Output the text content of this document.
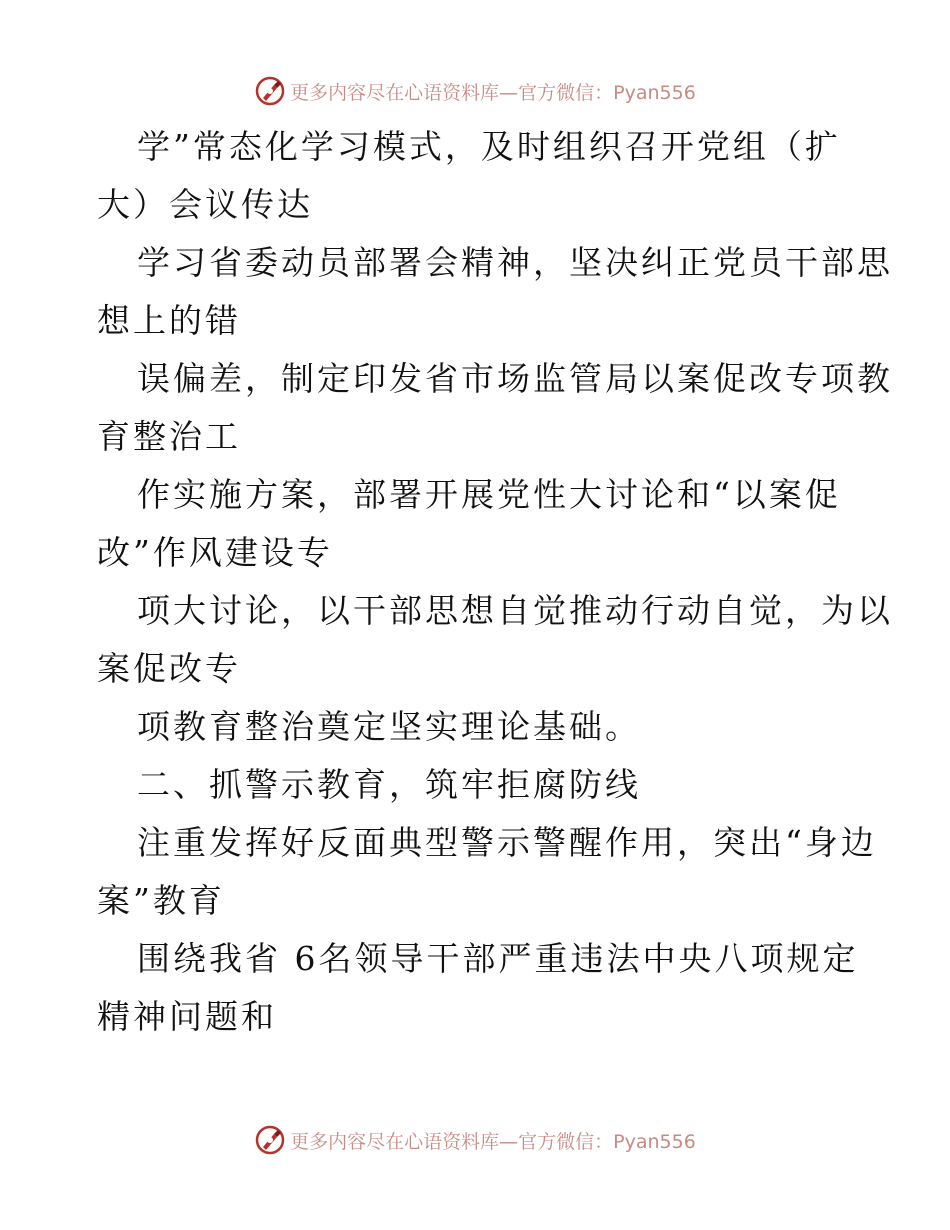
更多内容尽在心语资料库—官方微信：Pyan556
学”常态化学习模式，及时组织召开党组（扩
大）会议传达
学习省委动员部署会精神，坚决纠正党员干部思
想上的错
误偏差，制定印发省市场监管局以案促改专项教
育整治工
作实施方案，部署开展党性大讨论和“以案促
改”作风建设专
项大讨论，以干部思想自觉推动行动自觉，为以
案促改专
项教育整治奠定坚实理论基础。
二、抓警示教育，筑牢拒腐防线
注重发挥好反面典型警示警醒作用，突出“身边
案”教育
围绕我省 6名领导干部严重违法中央八项规定
精神问题和
更多内容尽在心语资料库—官方微信：Pyan556
